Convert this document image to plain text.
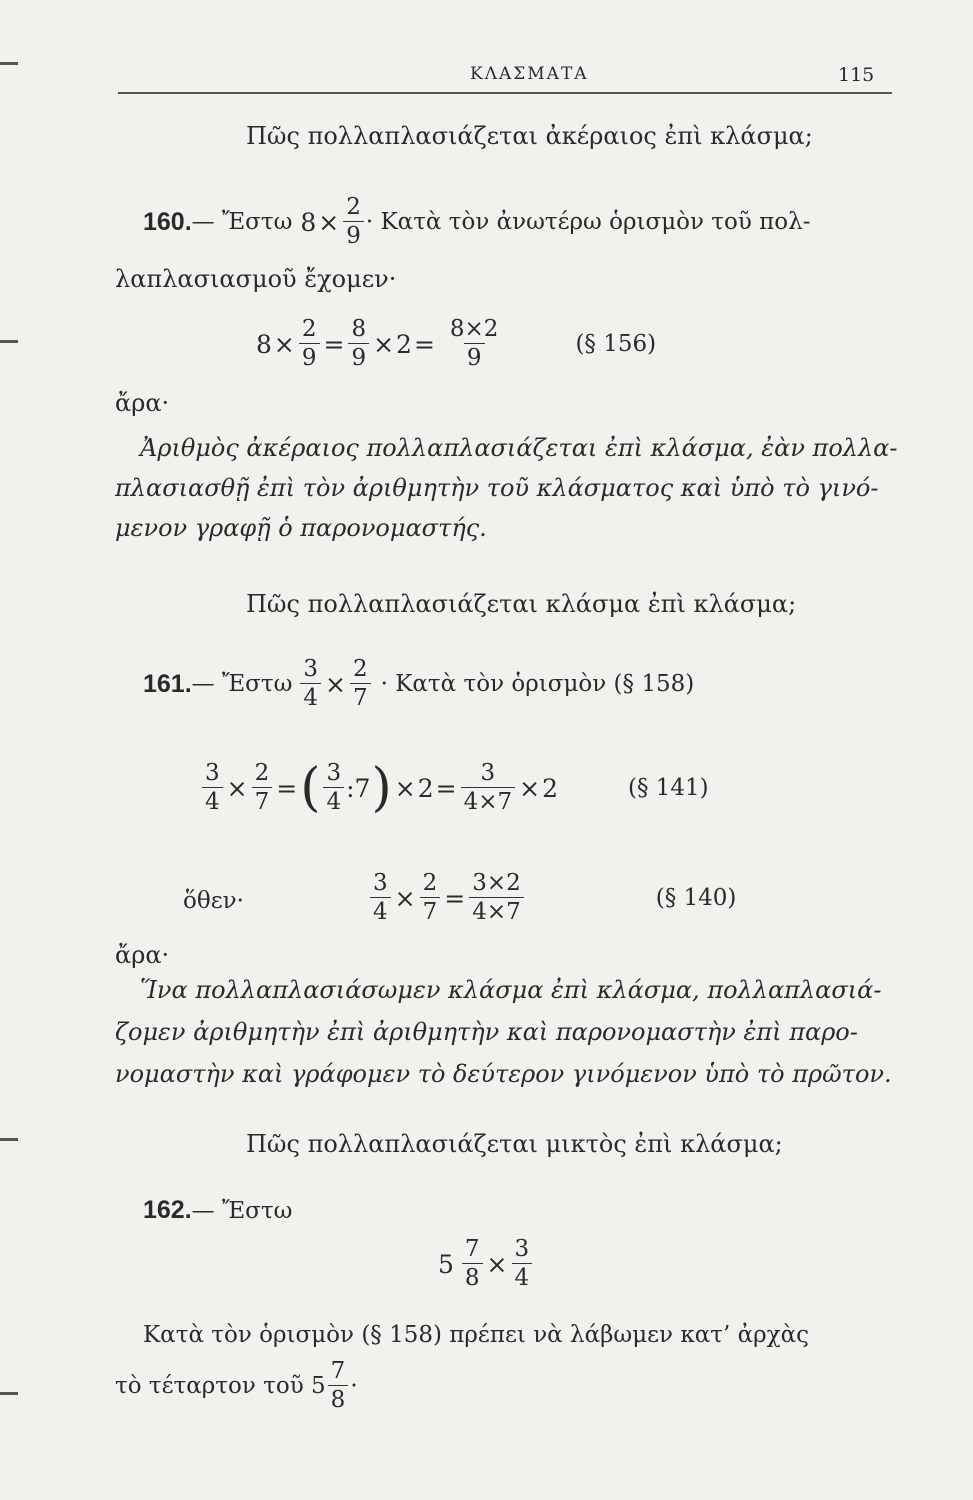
ΚΛΑΣΜΑΤΑ	115
Πῶς πολλαπλασιάζεται ἀκέραιος ἐπὶ κλάσμα;
160. — Ἔστω $8 \times \frac{2}{9}$ · Κατὰ τὸν ἀνωτέρω ὁρισμὸν τοῦ πολ-
λαπλασιασμοῦ ἔχομεν·
$8 \times \frac{2}{9} = \frac{8}{9} \times 2 = \frac{8\times 2}{9}$	(§ 156)
ἄρα·
Ἀριθμὸς ἀκέραιος πολλαπλασιάζεται ἐπὶ κλάσμα, ἐὰν πολλα-
πλασιασθῇ ἐπὶ τὸν ἀριθμητὴν τοῦ κλάσματος καὶ ὑπὸ τὸ γινό-
μενον γραφῇ ὁ παρονομαστής.
Πῶς πολλαπλασιάζεται κλάσμα ἐπὶ κλάσμα;
161. — Ἔστω $\frac{3}{4} \times \frac{2}{7}$ · Κατὰ τὸν ὁρισμὸν (§ 158)
$\frac{3}{4} \times \frac{2}{7}$ = ( $\frac{3}{4}$ :7 ) × $2 = \frac{3}{4\times 7} \times 2$	(§ 141)
ὅθεν·	$\frac{3}{4} \times \frac{2}{7} = \frac{3\times 2}{4\times 7}$	(§ 140)
ἄρα·
Ἵνα πολλαπλασιάσωμεν κλάσμα ἐπὶ κλάσμα, πολλαπλασιά-
ζομεν ἀριθμητὴν ἐπὶ ἀριθμητὴν καὶ παρονομαστὴν ἐπὶ παρο-
νομαστὴν καὶ γράφομεν τὸ δεύτερον γινόμενον ὑπὸ τὸ πρῶτον.
Πῶς πολλαπλασιάζεται μικτὸς ἐπὶ κλάσμα;
162. — Ἔστω
$5 \frac{7}{8} \times \frac{3}{4}$
Κατὰ τὸν ὁρισμὸν (§ 158) πρέπει νὰ λάβωμεν κατ’ ἀρχὰς
τὸ τέταρτον τοῦ $5 \frac{7}{8}$ ·
